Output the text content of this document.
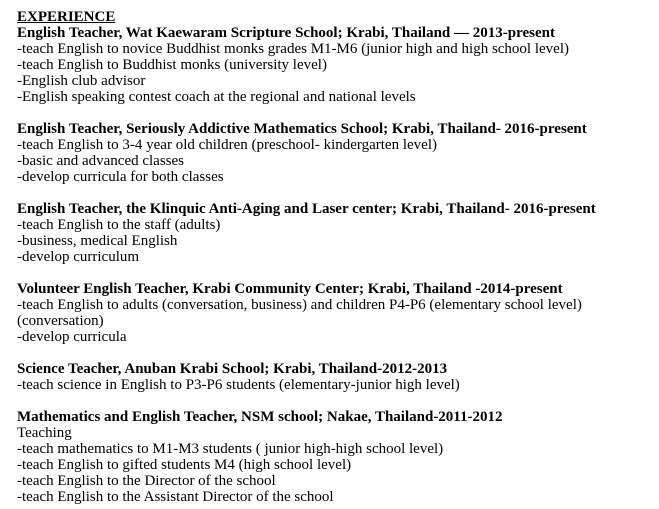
EXPERIENCE
English Teacher, Wat Kaewaram Scripture School; Krabi, Thailand — 2013-present
-teach English to novice Buddhist monks grades M1-M6 (junior high and high school level)
-teach English to Buddhist monks (university level)
-English club advisor
-English speaking contest coach at the regional and national levels
English Teacher, Seriously Addictive Mathematics School; Krabi, Thailand- 2016-present
-teach English to 3-4 year old children (preschool- kindergarten level)
-basic and advanced classes
-develop curricula for both classes
English Teacher, the Klinquic Anti-Aging and Laser center; Krabi, Thailand- 2016-present
-teach English to the staff (adults)
-business, medical English
-develop curriculum
Volunteer English Teacher, Krabi Community Center; Krabi, Thailand -2014-present
-teach English to adults (conversation, business) and children P4-P6 (elementary school level)
(conversation)
-develop curricula
Science Teacher, Anuban Krabi School; Krabi, Thailand-2012-2013
-teach science in English to P3-P6 students (elementary-junior high level)
Mathematics and English Teacher, NSM school; Nakae, Thailand-2011-2012
Teaching
-teach mathematics to M1-M3 students ( junior high-high school level)
-teach English to gifted students M4 (high school level)
-teach English to the Director of the school
-teach English to the Assistant Director of the school
